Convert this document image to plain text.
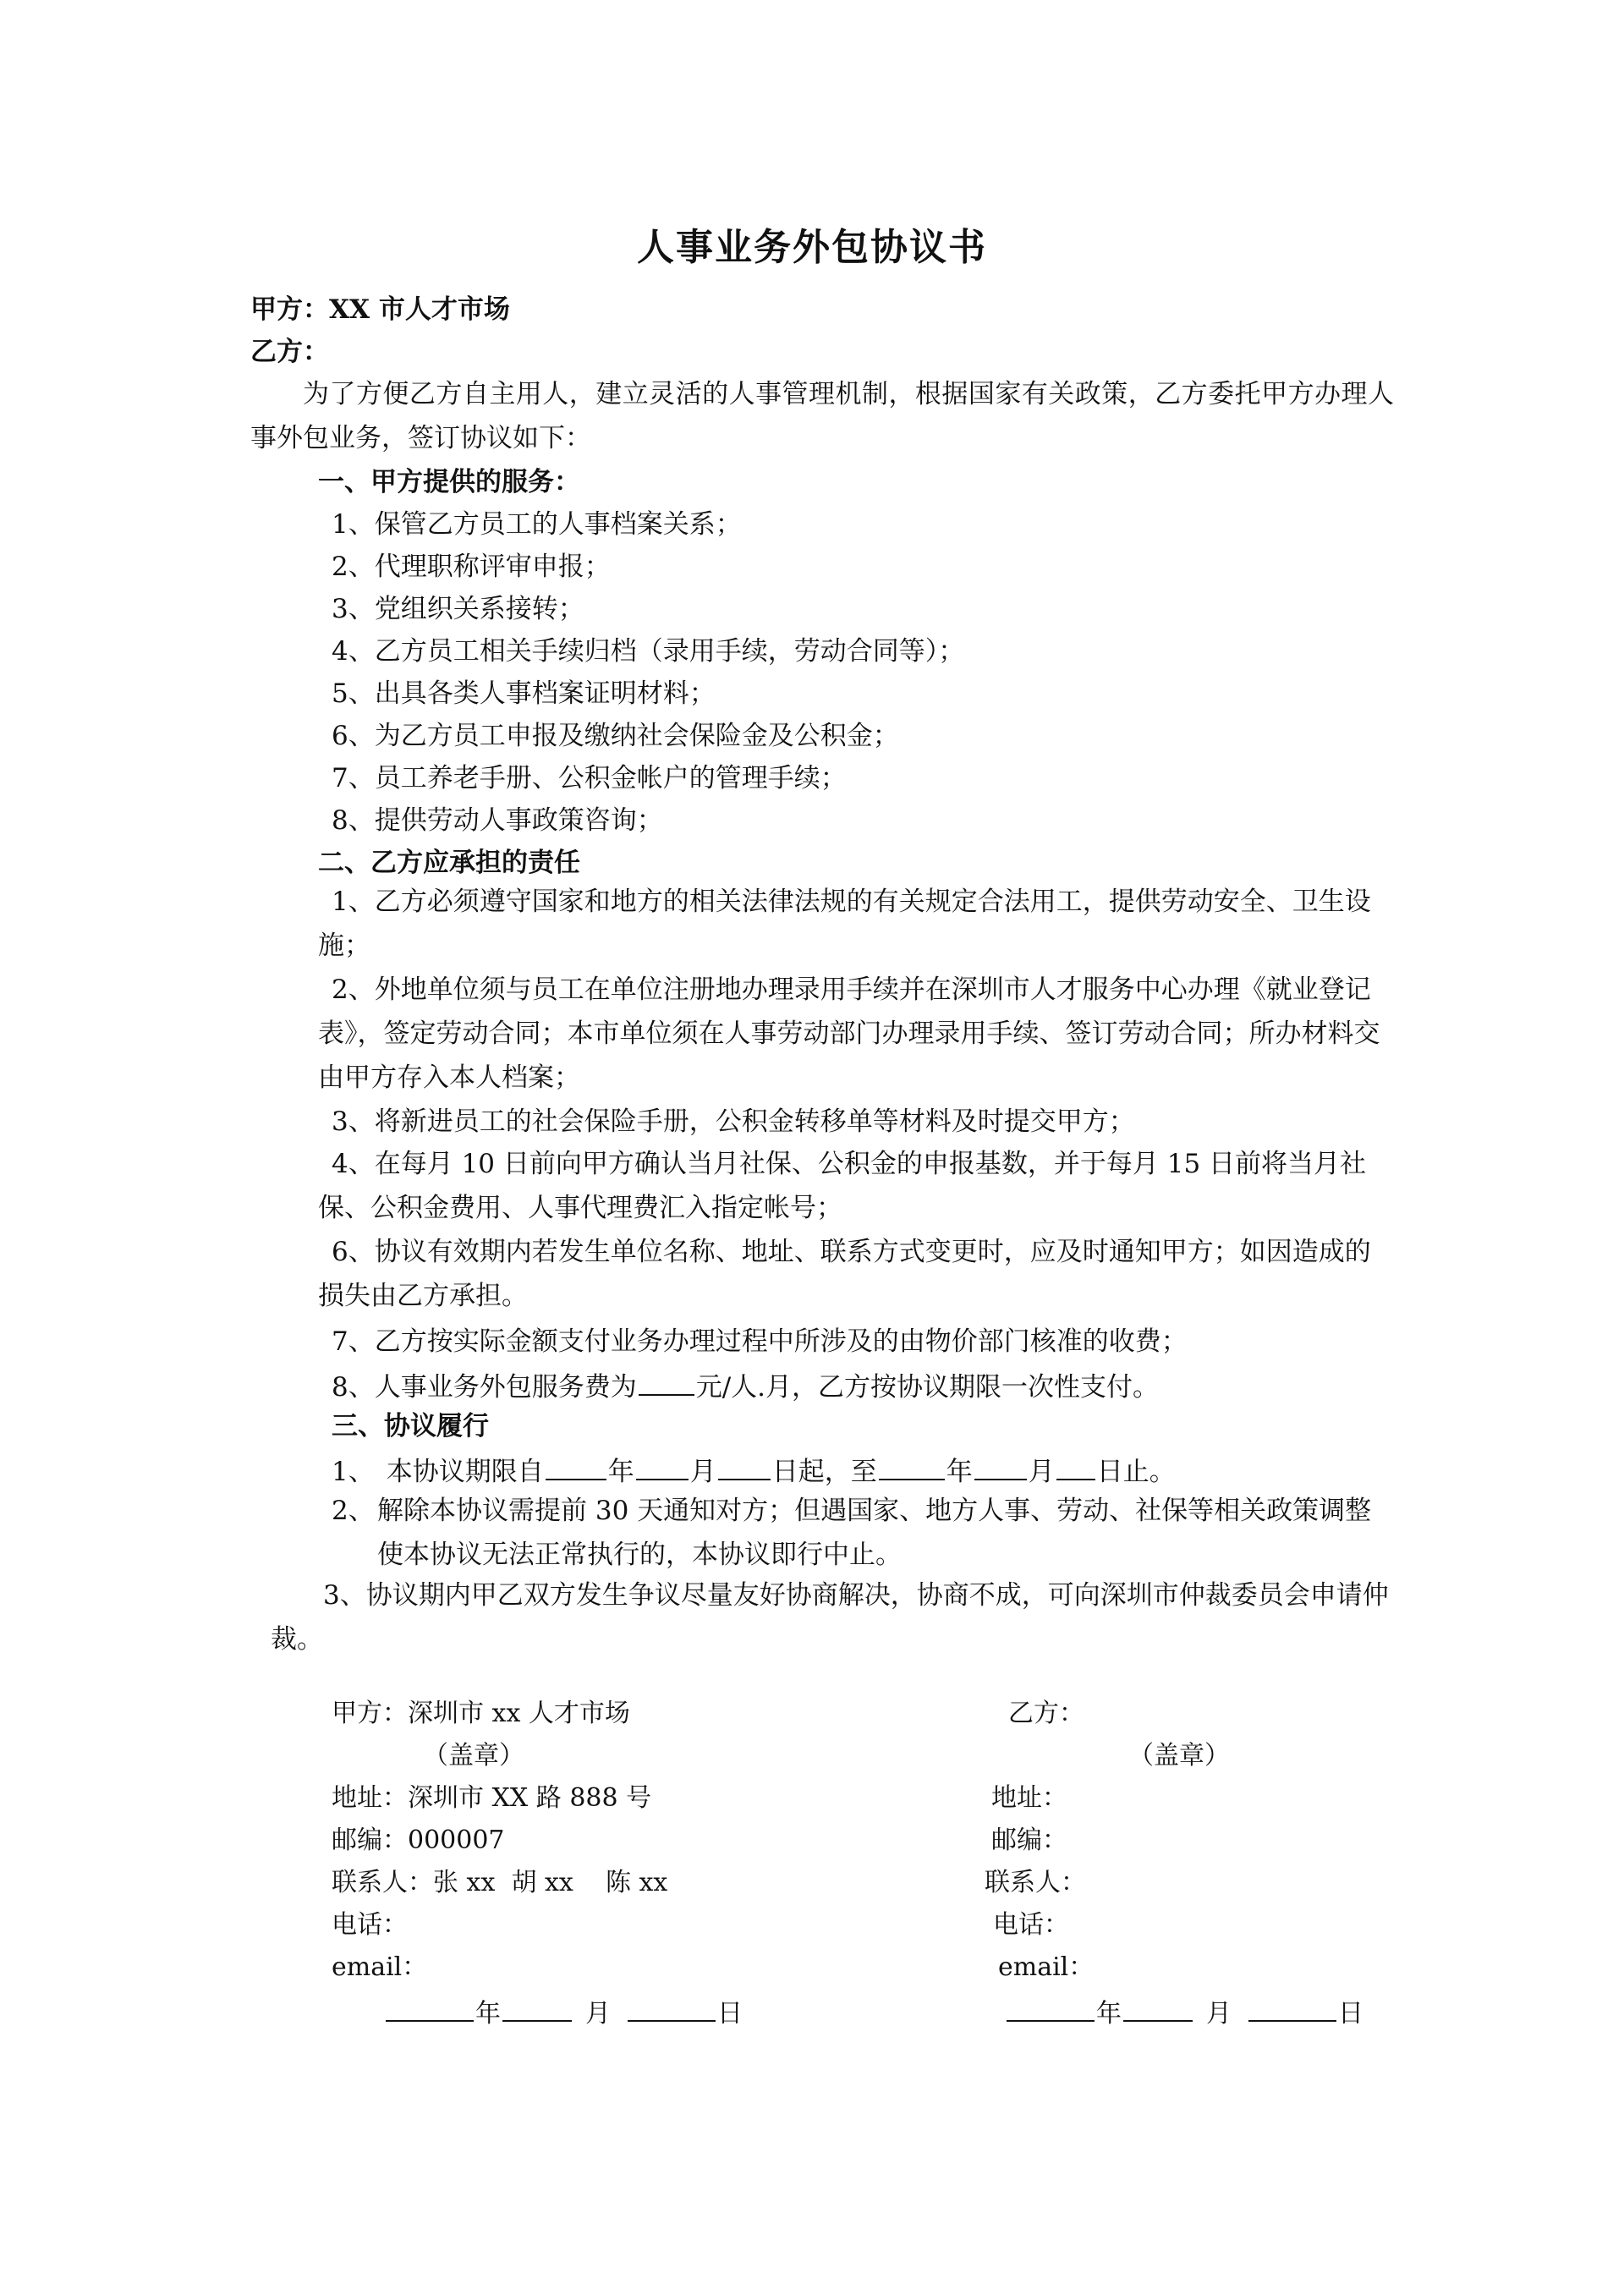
人事业务外包协议书
甲方：XX 市人才市场
乙方：
为了方便乙方自主用人，建立灵活的人事管理机制，根据国家有关政策，乙方委托甲方办理人事外包业务，签订协议如下：
一、甲方提供的服务：
1、保管乙方员工的人事档案关系；
2、代理职称评审申报；
3、党组织关系接转；
4、乙方员工相关手续归档（录用手续，劳动合同等）；
5、出具各类人事档案证明材料；
6、为乙方员工申报及缴纳社会保险金及公积金；
7、员工养老手册、公积金帐户的管理手续；
8、提供劳动人事政策咨询；
二、乙方应承担的责任
1、乙方必须遵守国家和地方的相关法律法规的有关规定合法用工，提供劳动安全、卫生设施；
2、外地单位须与员工在单位注册地办理录用手续并在深圳市人才服务中心办理《就业登记表》，签定劳动合同；本市单位须在人事劳动部门办理录用手续、签订劳动合同；所办材料交由甲方存入本人档案；
3、将新进员工的社会保险手册，公积金转移单等材料及时提交甲方；
4、在每月 10 日前向甲方确认当月社保、公积金的申报基数，并于每月 15 日前将当月社保、公积金费用、人事代理费汇入指定帐号；
6、协议有效期内若发生单位名称、地址、联系方式变更时，应及时通知甲方；如因造成的损失由乙方承担。
7、乙方按实际金额支付业务办理过程中所涉及的由物价部门核准的收费；
8、人事业务外包服务费为 元/人.月，乙方按协议期限一次性支付。
三、协议履行
1、 本协议期限自 年 月 日起，至	年 月 日止。
2、 解除本协议需提前 30 天通知对方；但遇国家、地方人事、劳动、社保等相关政策调整使本协议无法正常执行的，本协议即行中止。
3、协议期内甲乙双方发生争议尽量友好协商解决，协商不成，可向深圳市仲裁委员会申请仲裁。
甲方：深圳市 xx 人才市场
（盖章）
地址：深圳市 XX 路 888 号
邮编：000007
联系人：张 xx  胡 xx    陈 xx
电话：
email：
年	月	日
乙方：
（盖章）
地址：
邮编：
联系人：
电话：
email：
年	月	日
